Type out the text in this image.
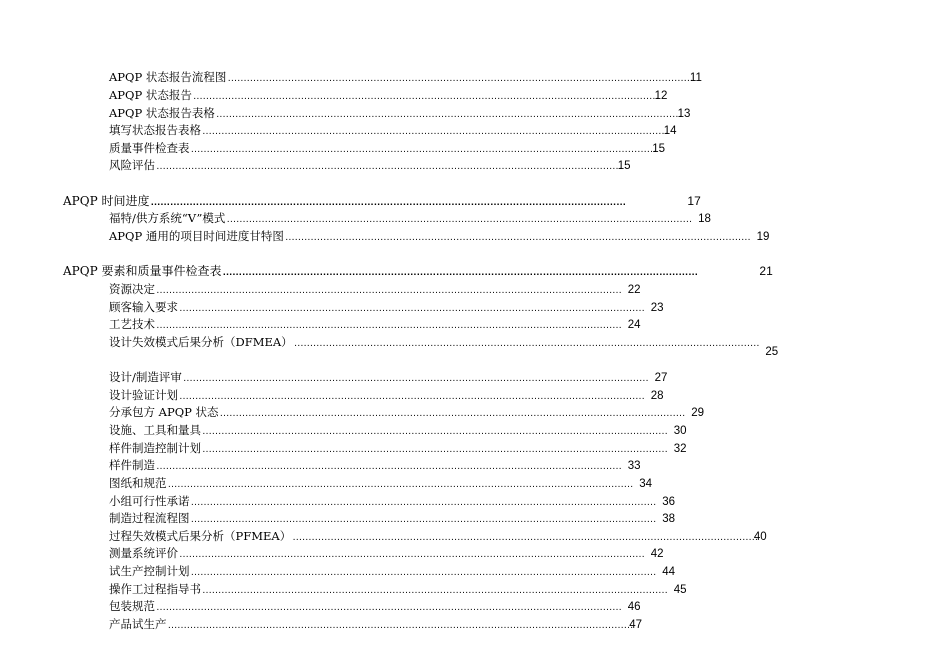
APQP 状态报告流程图 …………………………………………………………………………………………………………………………………
11
APQP 状态报告 …………………………………………………………………………………………………………………………………
12
APQP 状态报告表格 …………………………………………………………………………………………………………………………………
13
填写状态报告表格 …………………………………………………………………………………………………………………………………
14
质量事件检查表 …………………………………………………………………………………………………………………………………
15
风险评估 …………………………………………………………………………………………………………………………………
15
APQP 时间进度 …………………………………………………………………………………………………………………………………	17
福特/供方系统“V”模式 ………………………………………………………………………………………………………………………………… 18
APQP 通用的项目时间进度甘特图 ………………………………………………………………………………………………………………………………… 19
APQP 要素和质量事件检查表 …………………………………………………………………………………………………………………………………	21
资源决定 ………………………………………………………………………………………………………………………………… 22
顾客输入要求 ………………………………………………………………………………………………………………………………… 23
工艺技术 ………………………………………………………………………………………………………………………………… 24
设计失效模式后果分析（DFMEA） …………………………………………………………………………………………………………………………………
25
设计/制造评审 ………………………………………………………………………………………………………………………………… 27
设计验证计划 ………………………………………………………………………………………………………………………………… 28
分承包方 APQP 状态 ………………………………………………………………………………………………………………………………… 29
设施、工具和量具 ………………………………………………………………………………………………………………………………… 30
样件制造控制计划 ………………………………………………………………………………………………………………………………… 32
样件制造 ………………………………………………………………………………………………………………………………… 33
图纸和规范 ………………………………………………………………………………………………………………………………… 34
小组可行性承诺 ………………………………………………………………………………………………………………………………… 36
制造过程流程图 ………………………………………………………………………………………………………………………………… 38
过程失效模式后果分析（PFMEA） …………………………………………………………………………………………………………………………………
40
测量系统评价 ………………………………………………………………………………………………………………………………… 42
试生产控制计划 ………………………………………………………………………………………………………………………………… 44
操作工过程指导书 ………………………………………………………………………………………………………………………………… 45
包装规范 ………………………………………………………………………………………………………………………………… 46
产品试生产 …………………………………………………………………………………………………………………………………
47
